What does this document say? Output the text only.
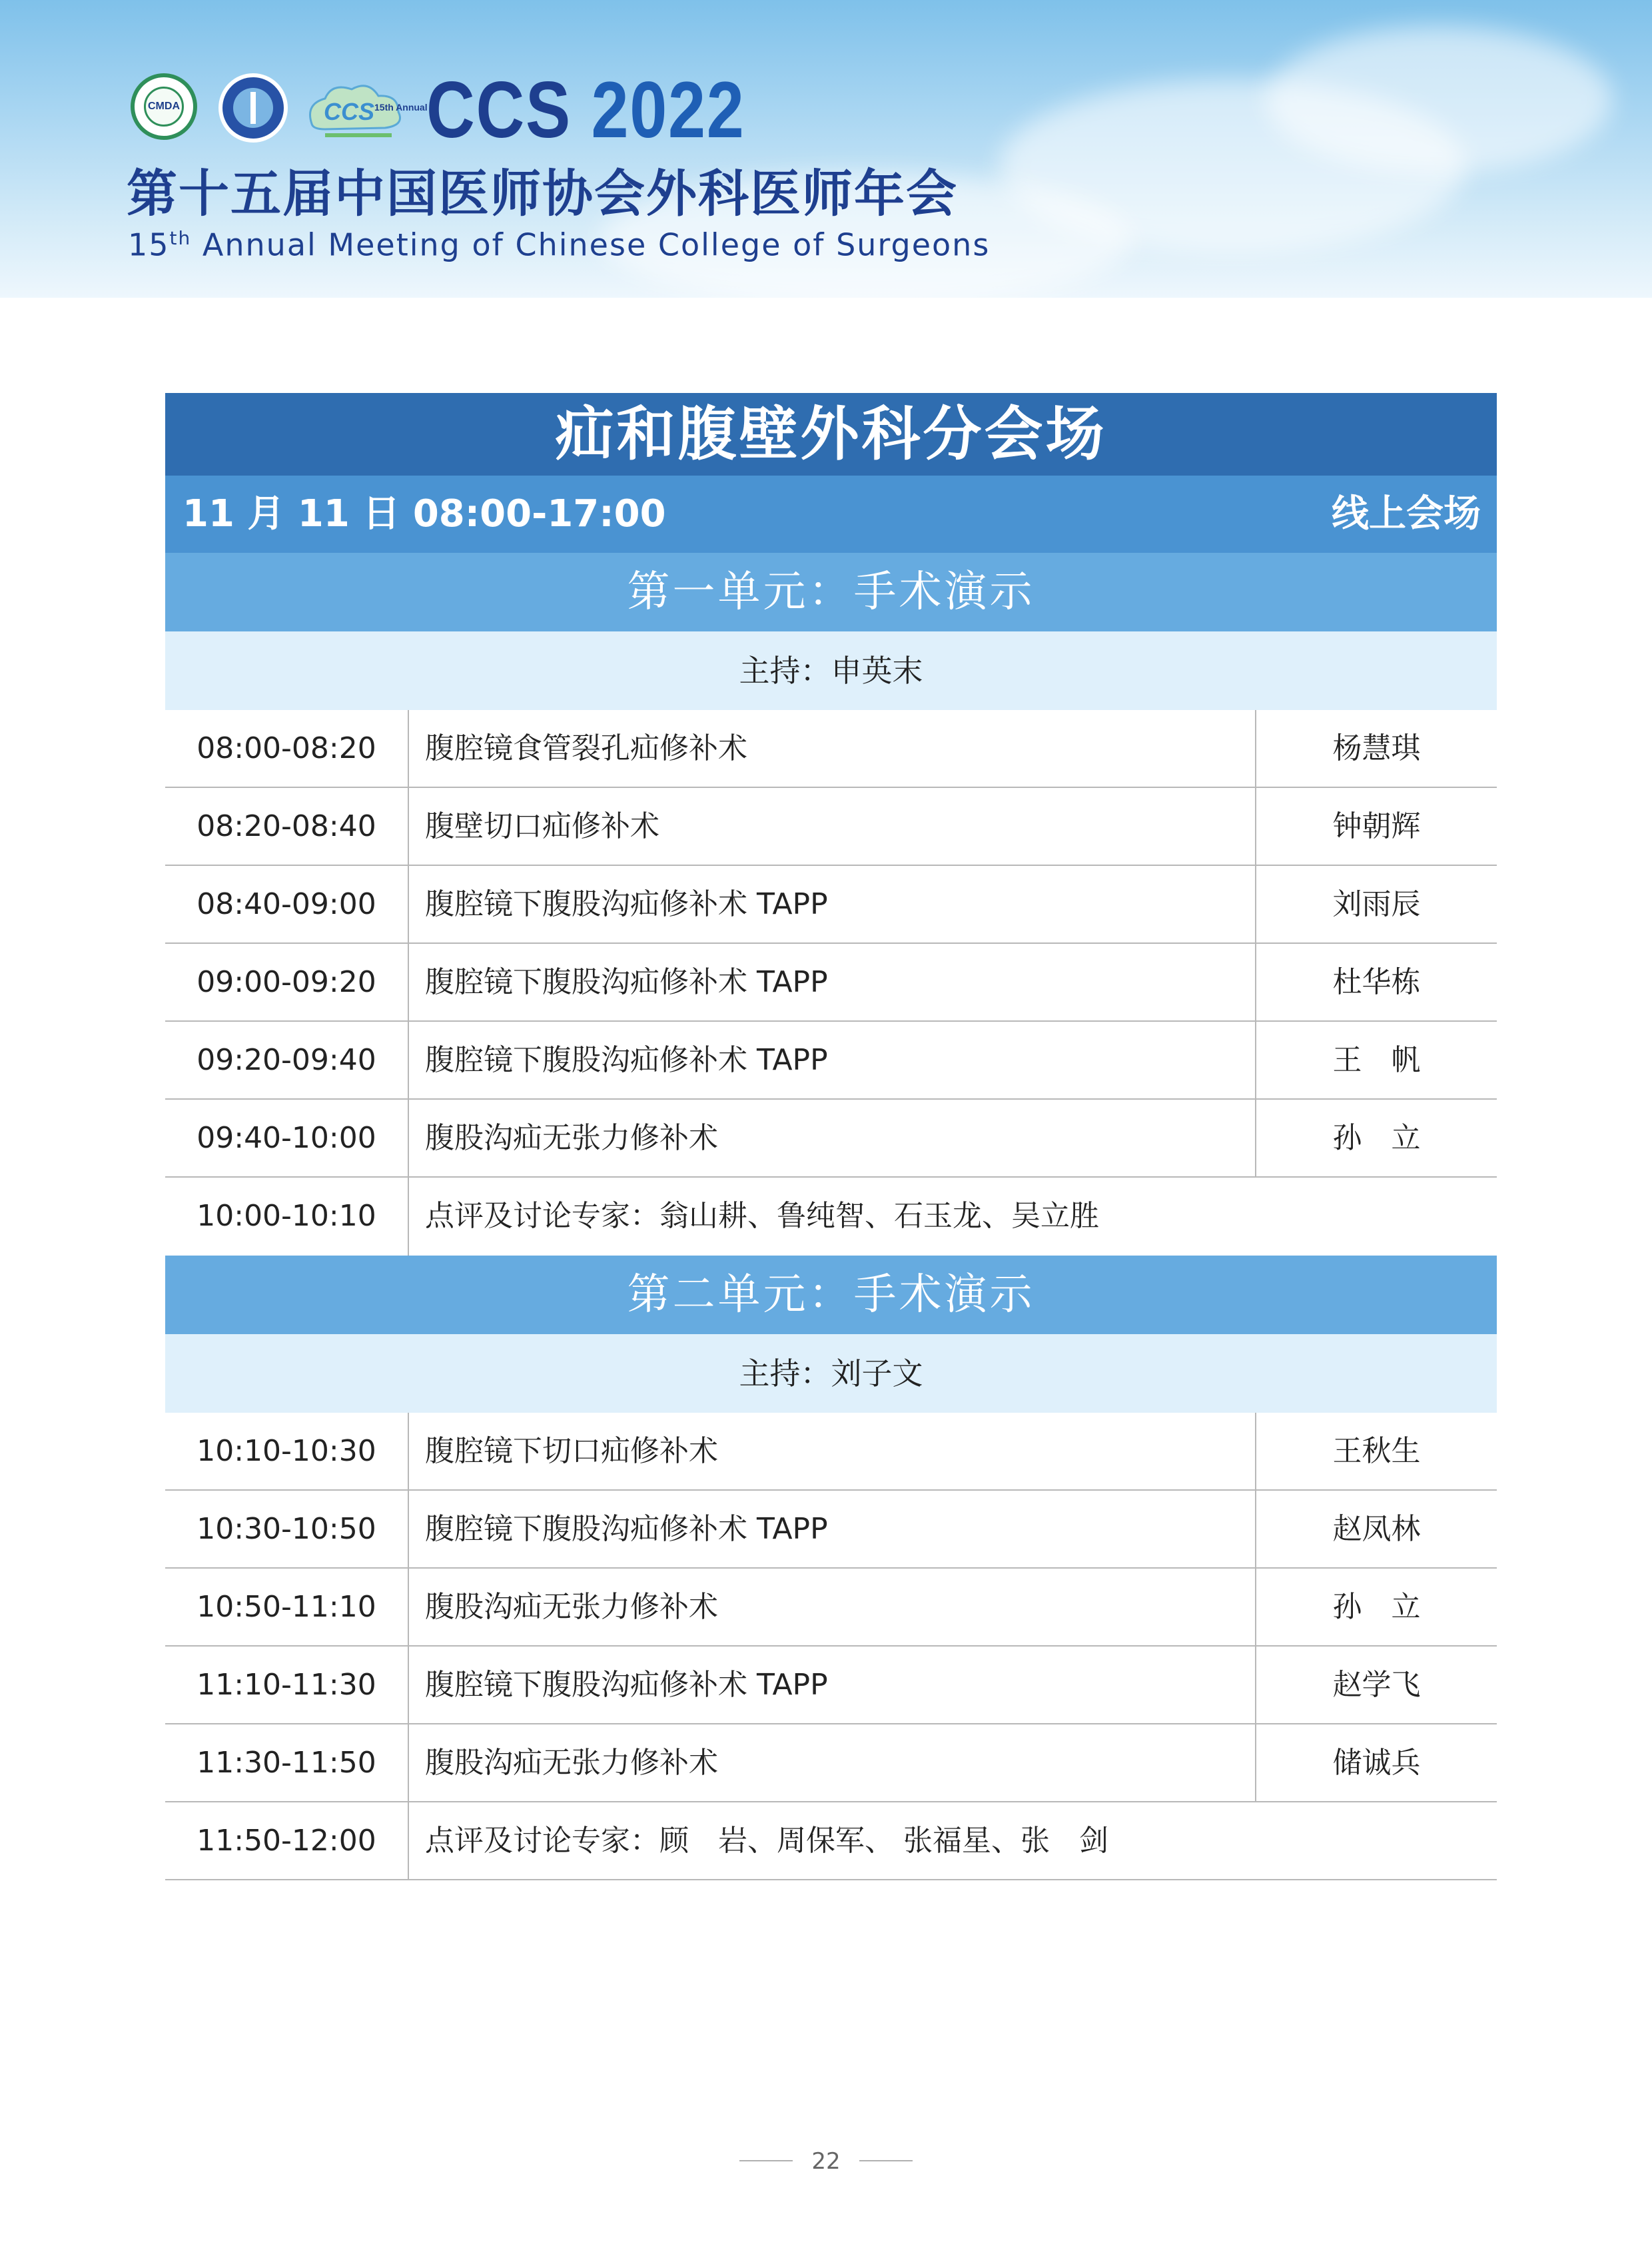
CMDA	CCS 15th Annual
CCS 2022
第十五届中国医师协会外科医师年会
15th Annual Meeting of Chinese College of Surgeons
疝和腹壁外科分会场
11 月 11 日 08:00-17:00	线上会场
第一单元：手术演示
主持：申英末
08:00-08:20	腹腔镜食管裂孔疝修补术	杨慧琪
08:20-08:40	腹壁切口疝修补术	钟朝辉
08:40-09:00	腹腔镜下腹股沟疝修补术 TAPP	刘雨辰
09:00-09:20	腹腔镜下腹股沟疝修补术 TAPP	杜华栋
09:20-09:40	腹腔镜下腹股沟疝修补术 TAPP	王　帆
09:40-10:00	腹股沟疝无张力修补术	孙　立
10:00-10:10	点评及讨论专家：翁山耕、鲁纯智、石玉龙、吴立胜
第二单元：手术演示
主持：刘子文
10:10-10:30	腹腔镜下切口疝修补术	王秋生
10:30-10:50	腹腔镜下腹股沟疝修补术 TAPP	赵凤林
10:50-11:10	腹股沟疝无张力修补术	孙　立
11:10-11:30	腹腔镜下腹股沟疝修补术 TAPP	赵学飞
11:30-11:50	腹股沟疝无张力修补术	储诚兵
11:50-12:00	点评及讨论专家：顾　岩、周保军、 张福星、张　剑
22
